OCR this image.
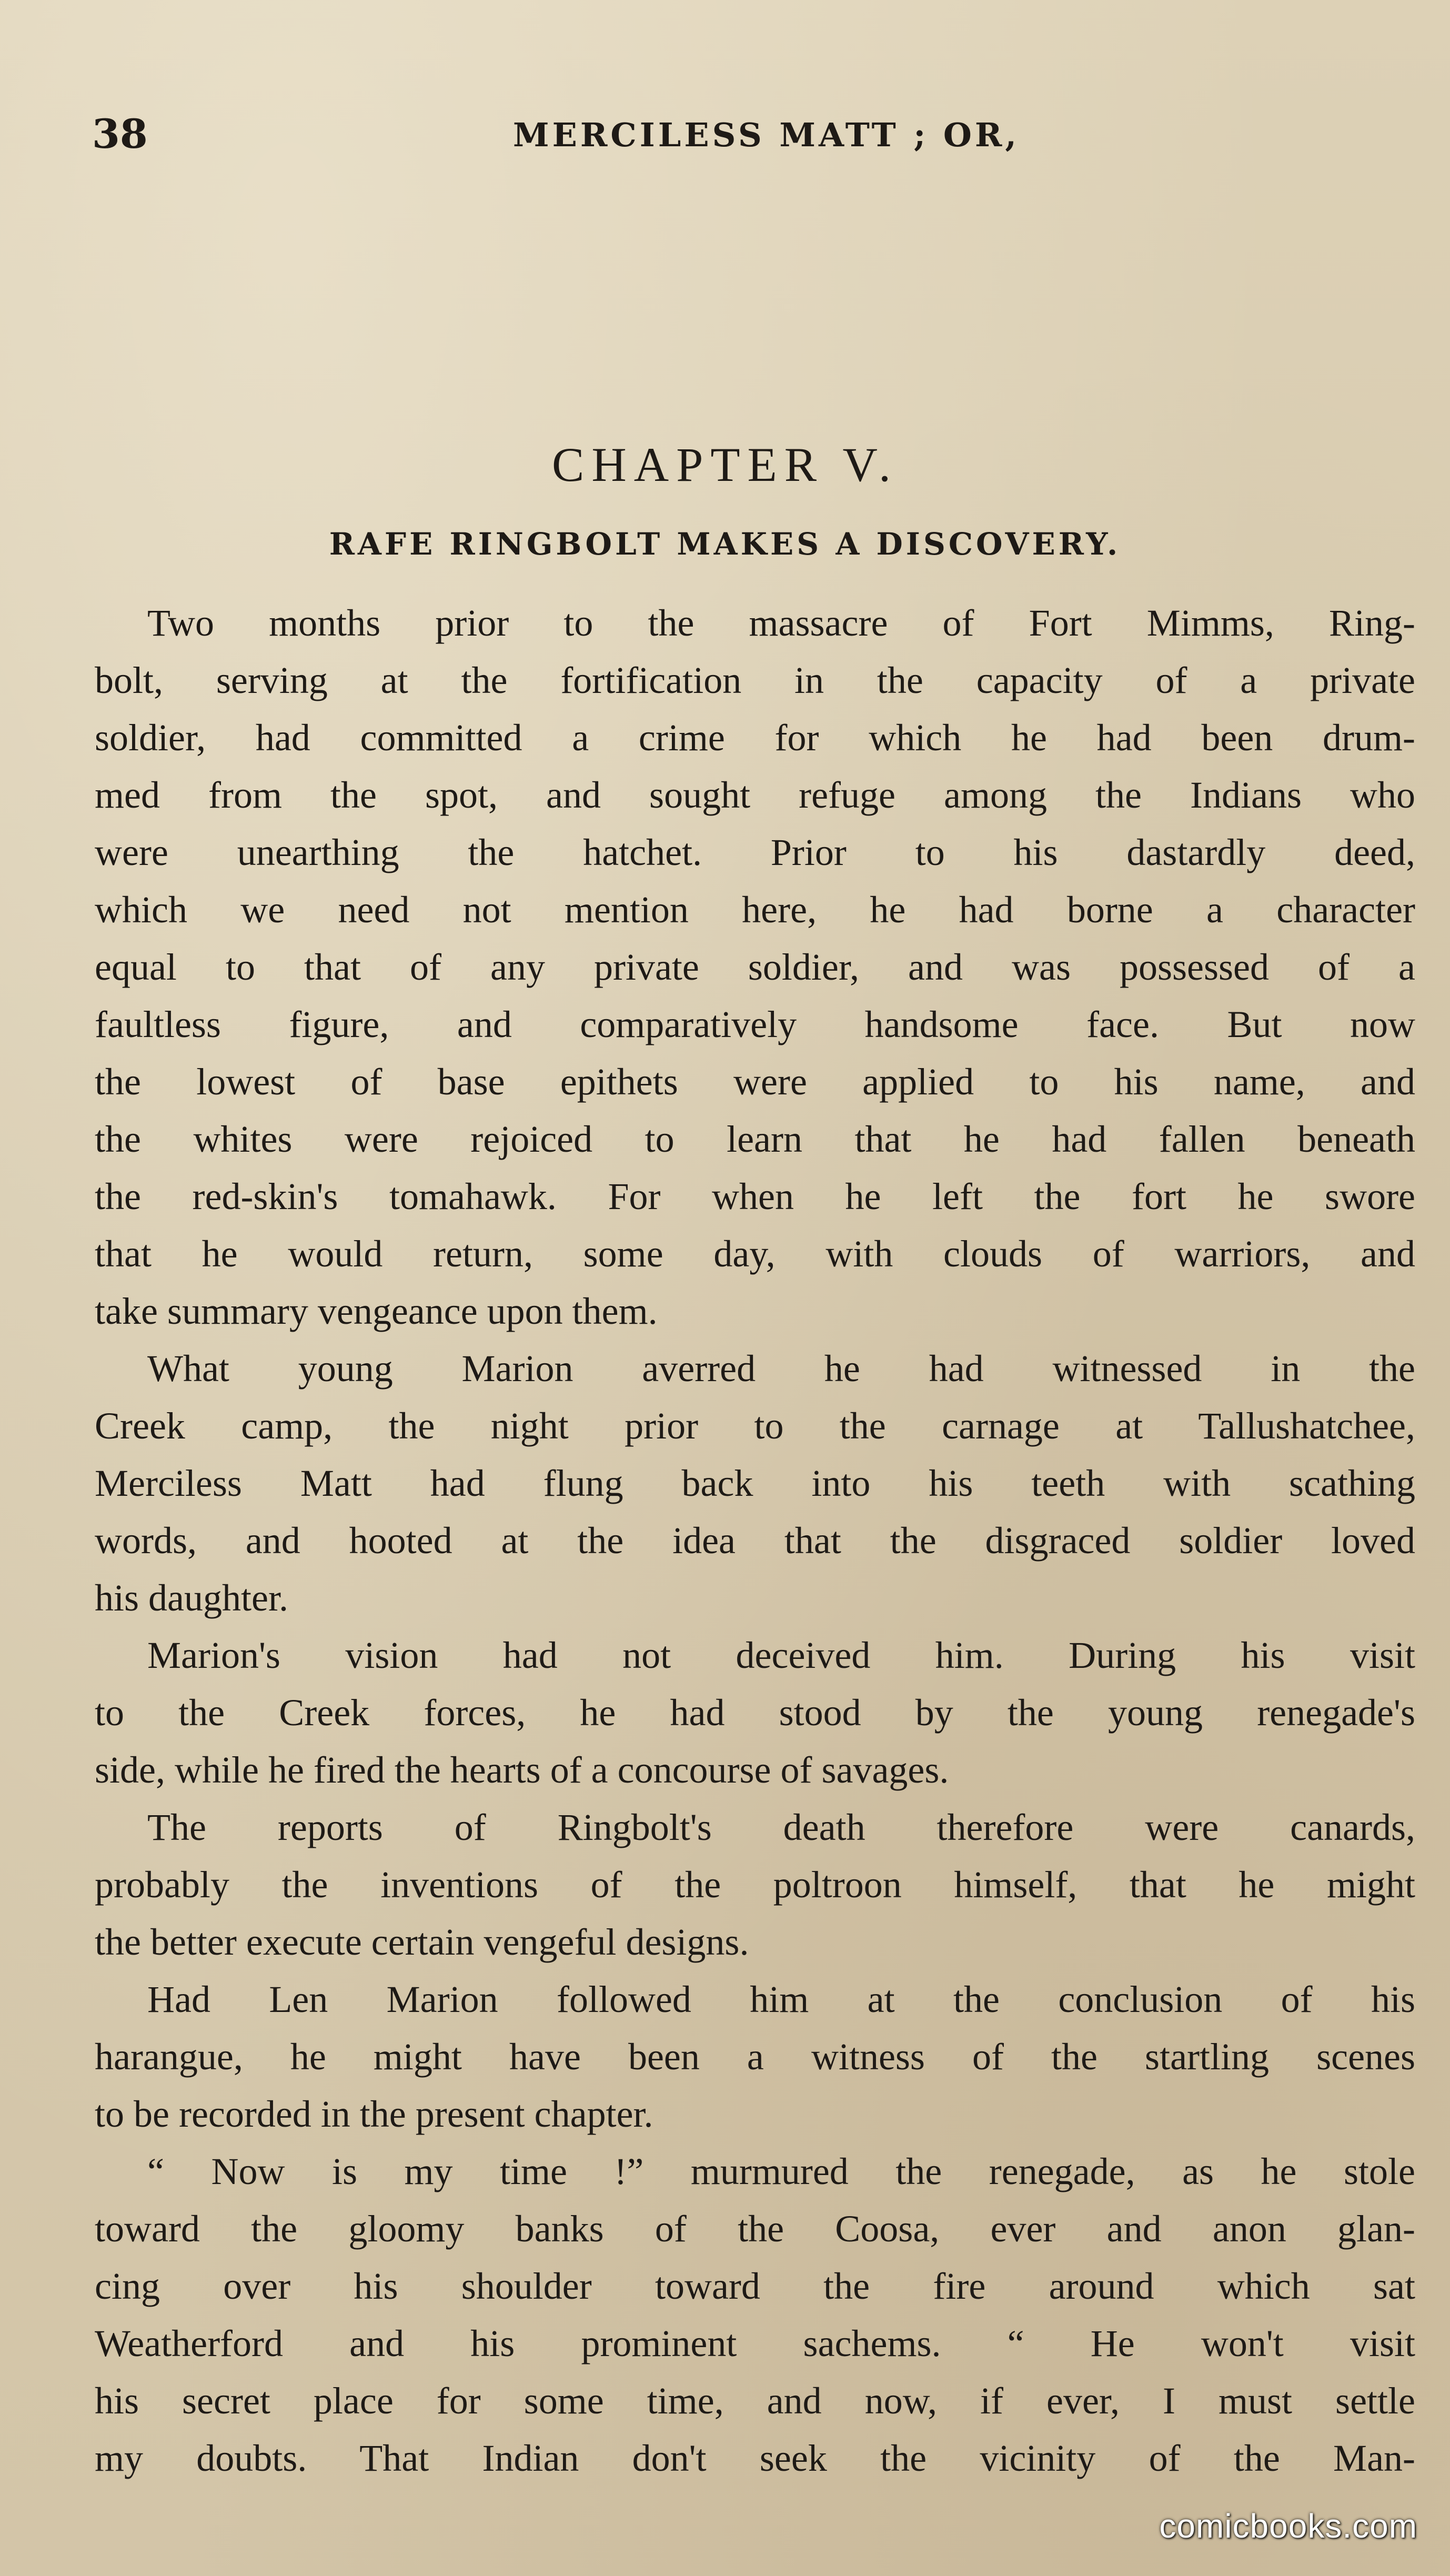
38	MERCILESS MATT ; OR,
CHAPTER V.
RAFE RINGBOLT MAKES A DISCOVERY.
Two months prior to the massacre of Fort Mimms, Ring-
bolt, serving at the fortification in the capacity of a private
soldier, had committed a crime for which he had been drum-
med from the spot, and sought refuge among the Indians who
were unearthing the hatchet. Prior to his dastardly deed,
which we need not mention here, he had borne a character
equal to that of any private soldier, and was possessed of a
faultless figure, and comparatively handsome face. But now
the lowest of base epithets were applied to his name, and
the whites were rejoiced to learn that he had fallen beneath
the red-skin's tomahawk. For when he left the fort he swore
that he would return, some day, with clouds of warriors, and
take summary vengeance upon them.
What young Marion averred he had witnessed in the
Creek camp, the night prior to the carnage at Tallushatchee,
Merciless Matt had flung back into his teeth with scathing
words, and hooted at the idea that the disgraced soldier loved
his daughter.
Marion's vision had not deceived him. During his visit
to the Creek forces, he had stood by the young renegade's
side, while he fired the hearts of a concourse of savages.
The reports of Ringbolt's death therefore were canards,
probably the inventions of the poltroon himself, that he might
the better execute certain vengeful designs.
Had Len Marion followed him at the conclusion of his
harangue, he might have been a witness of the startling scenes
to be recorded in the present chapter.
“ Now is my time !” murmured the renegade, as he stole
toward the gloomy banks of the Coosa, ever and anon glan-
cing over his shoulder toward the fire around which sat
Weatherford and his prominent sachems. “ He won't visit
his secret place for some time, and now, if ever, I must settle
my doubts. That Indian don't seek the vicinity of the Man-
comicbooks.com
